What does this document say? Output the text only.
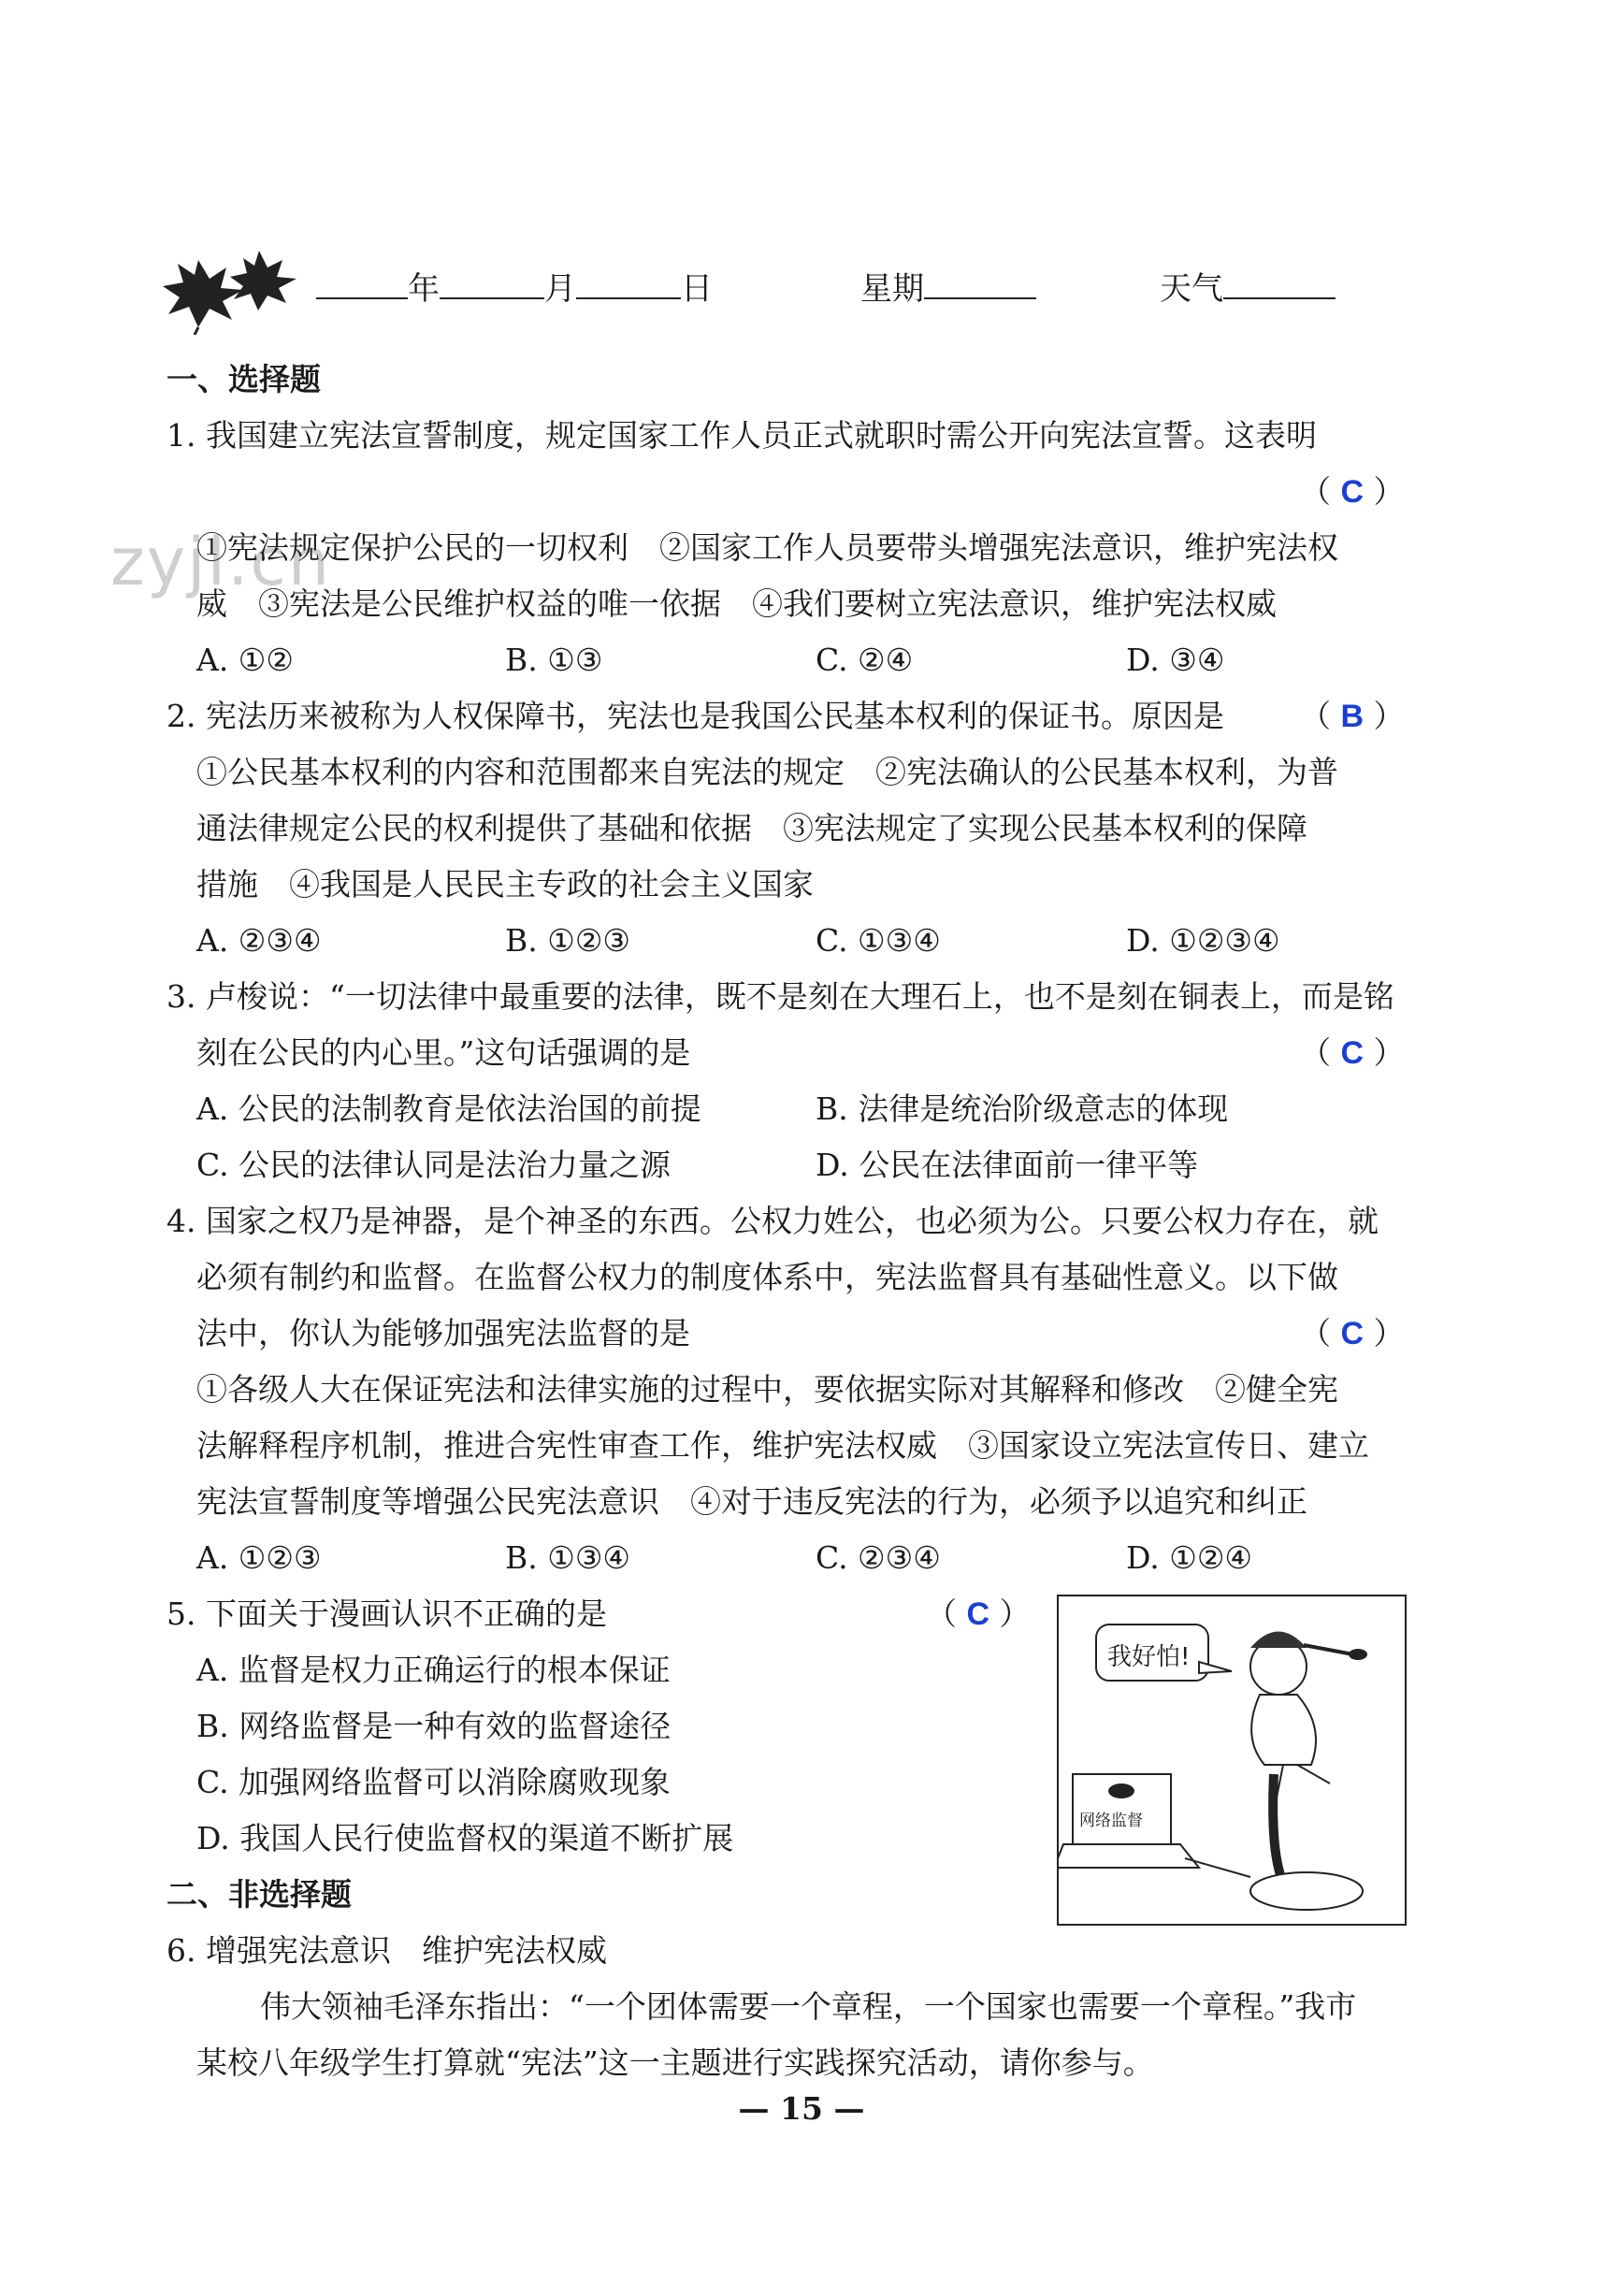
zyjl.cn
年	月	日	星期	天气
一、选择题
1. 我国建立宪法宣誓制度，规定国家工作人员正式就职时需公开向宪法宣誓。这表明
（ C ）
①宪法规定保护公民的一切权利　②国家工作人员要带头增强宪法意识，维护宪法权
威　③宪法是公民维护权益的唯一依据　④我们要树立宪法意识，维护宪法权威
A. ①②	B. ①③	C. ②④	D. ③④
2. 宪法历来被称为人权保障书，宪法也是我国公民基本权利的保证书。原因是 （ B ）
①公民基本权利的内容和范围都来自宪法的规定　②宪法确认的公民基本权利，为普
通法律规定公民的权利提供了基础和依据　③宪法规定了实现公民基本权利的保障
措施　④我国是人民民主专政的社会主义国家
A. ②③④	B. ①②③	C. ①③④	D. ①②③④
3. 卢梭说：“一切法律中最重要的法律，既不是刻在大理石上，也不是刻在铜表上，而是铭
刻在公民的内心里。”这句话强调的是	（ C ）
A. 公民的法制教育是依法治国的前提	B. 法律是统治阶级意志的体现
C. 公民的法律认同是法治力量之源	D. 公民在法律面前一律平等
4. 国家之权乃是神器，是个神圣的东西。公权力姓公，也必须为公。只要公权力存在，就
必须有制约和监督。在监督公权力的制度体系中，宪法监督具有基础性意义。以下做
法中，你认为能够加强宪法监督的是	（ C ）
①各级人大在保证宪法和法律实施的过程中，要依据实际对其解释和修改　②健全宪
法解释程序机制，推进合宪性审查工作，维护宪法权威　③国家设立宪法宣传日、建立
宪法宣誓制度等增强公民宪法意识　④对于违反宪法的行为，必须予以追究和纠正
A. ①②③	B. ①③④	C. ②③④	D. ①②④
5. 下面关于漫画认识不正确的是	（ C ）
A. 监督是权力正确运行的根本保证
B. 网络监督是一种有效的监督途径
C. 加强网络监督可以消除腐败现象
D. 我国人民行使监督权的渠道不断扩展
我好怕!
网络监督
二、非选择题
6. 增强宪法意识　维护宪法权威
伟大领袖毛泽东指出：“一个团体需要一个章程，一个国家也需要一个章程。”我市
某校八年级学生打算就“宪法”这一主题进行实践探究活动，请你参与。
— 15 —
